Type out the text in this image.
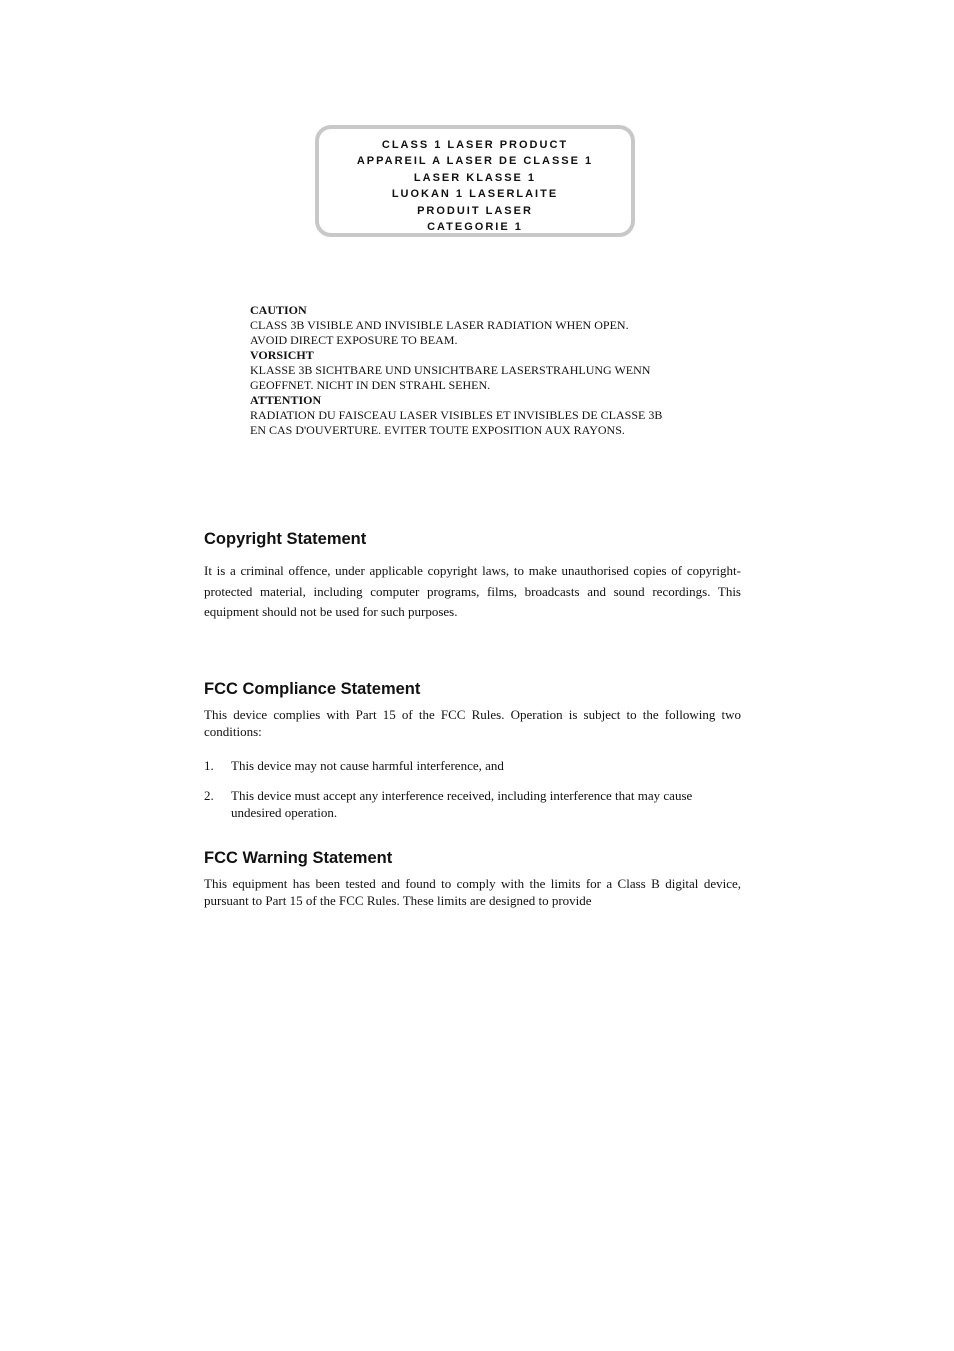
CLASS 1 LASER PRODUCT
APPAREIL A LASER DE CLASSE 1
LASER KLASSE 1
LUOKAN 1 LASERLAITE
PRODUIT LASER
CATEGORIE 1
CAUTION
CLASS 3B VISIBLE AND INVISIBLE LASER RADIATION WHEN OPEN.
AVOID DIRECT EXPOSURE TO BEAM.
VORSICHT
KLASSE 3B SICHTBARE UND UNSICHTBARE LASERSTRAHLUNG WENN
GEOFFNET. NICHT IN DEN STRAHL SEHEN.
ATTENTION
RADIATION DU FAISCEAU LASER VISIBLES ET INVISIBLES DE CLASSE 3B
EN CAS D'OUVERTURE. EVITER TOUTE EXPOSITION AUX RAYONS.
Copyright Statement

It is a criminal offence, under applicable copyright laws, to make unauthorised copies of copyright-protected material, including computer programs, films, broadcasts and sound recordings. This equipment should not be used for such purposes.

FCC Compliance Statement

This device complies with Part 15 of the FCC Rules. Operation is subject to the following two conditions:

1. This device may not cause harmful interference, and
2. This device must accept any interference received, including interference that may cause undesired operation.
FCC Warning Statement

This equipment has been tested and found to comply with the limits for a Class B digital device, pursuant to Part 15 of the FCC Rules. These limits are designed to provide
